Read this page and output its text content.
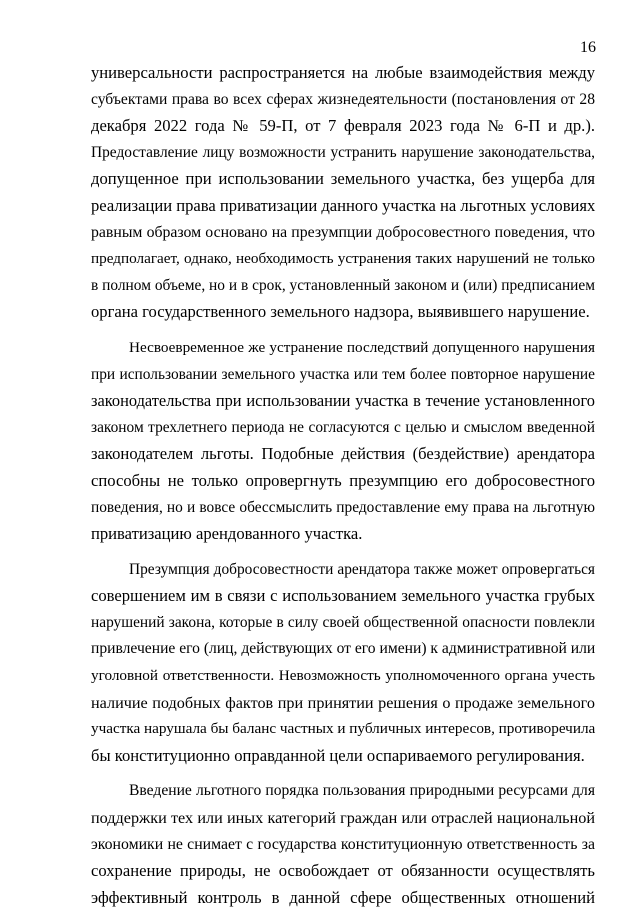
16
универсальности распространяется на любые взаимодействия между
субъектами права во всех сферах жизнедеятельности (постановления от 28
декабря 2022 года № 59-П, от 7 февраля 2023 года № 6-П и др.).
Предоставление лицу возможности устранить нарушение законодательства,
допущенное при использовании земельного участка, без ущерба для
реализации права приватизации данного участка на льготных условиях
равным образом основано на презумпции добросовестного поведения, что
предполагает, однако, необходимость устранения таких нарушений не только
в полном объеме, но и в срок, установленный законом и (или) предписанием
органа государственного земельного надзора, выявившего нарушение.
Несвоевременное же устранение последствий допущенного нарушения
при использовании земельного участка или тем более повторное нарушение
законодательства при использовании участка в течение установленного
законом трехлетнего периода не согласуются с целью и смыслом введенной
законодателем льготы. Подобные действия (бездействие) арендатора
способны не только опровергнуть презумпцию его добросовестного
поведения, но и вовсе обессмыслить предоставление ему права на льготную
приватизацию арендованного участка.
Презумпция добросовестности арендатора также может опровергаться
совершением им в связи с использованием земельного участка грубых
нарушений закона, которые в силу своей общественной опасности повлекли
привлечение его (лиц, действующих от его имени) к административной или
уголовной ответственности. Невозможность уполномоченного органа учесть
наличие подобных фактов при принятии решения о продаже земельного
участка нарушала бы баланс частных и публичных интересов, противоречила
бы конституционно оправданной цели оспариваемого регулирования.
Введение льготного порядка пользования природными ресурсами для
поддержки тех или иных категорий граждан или отраслей национальной
экономики не снимает с государства конституционную ответственность за
сохранение природы, не освобождает от обязанности осуществлять
эффективный контроль в данной сфере общественных отношений
